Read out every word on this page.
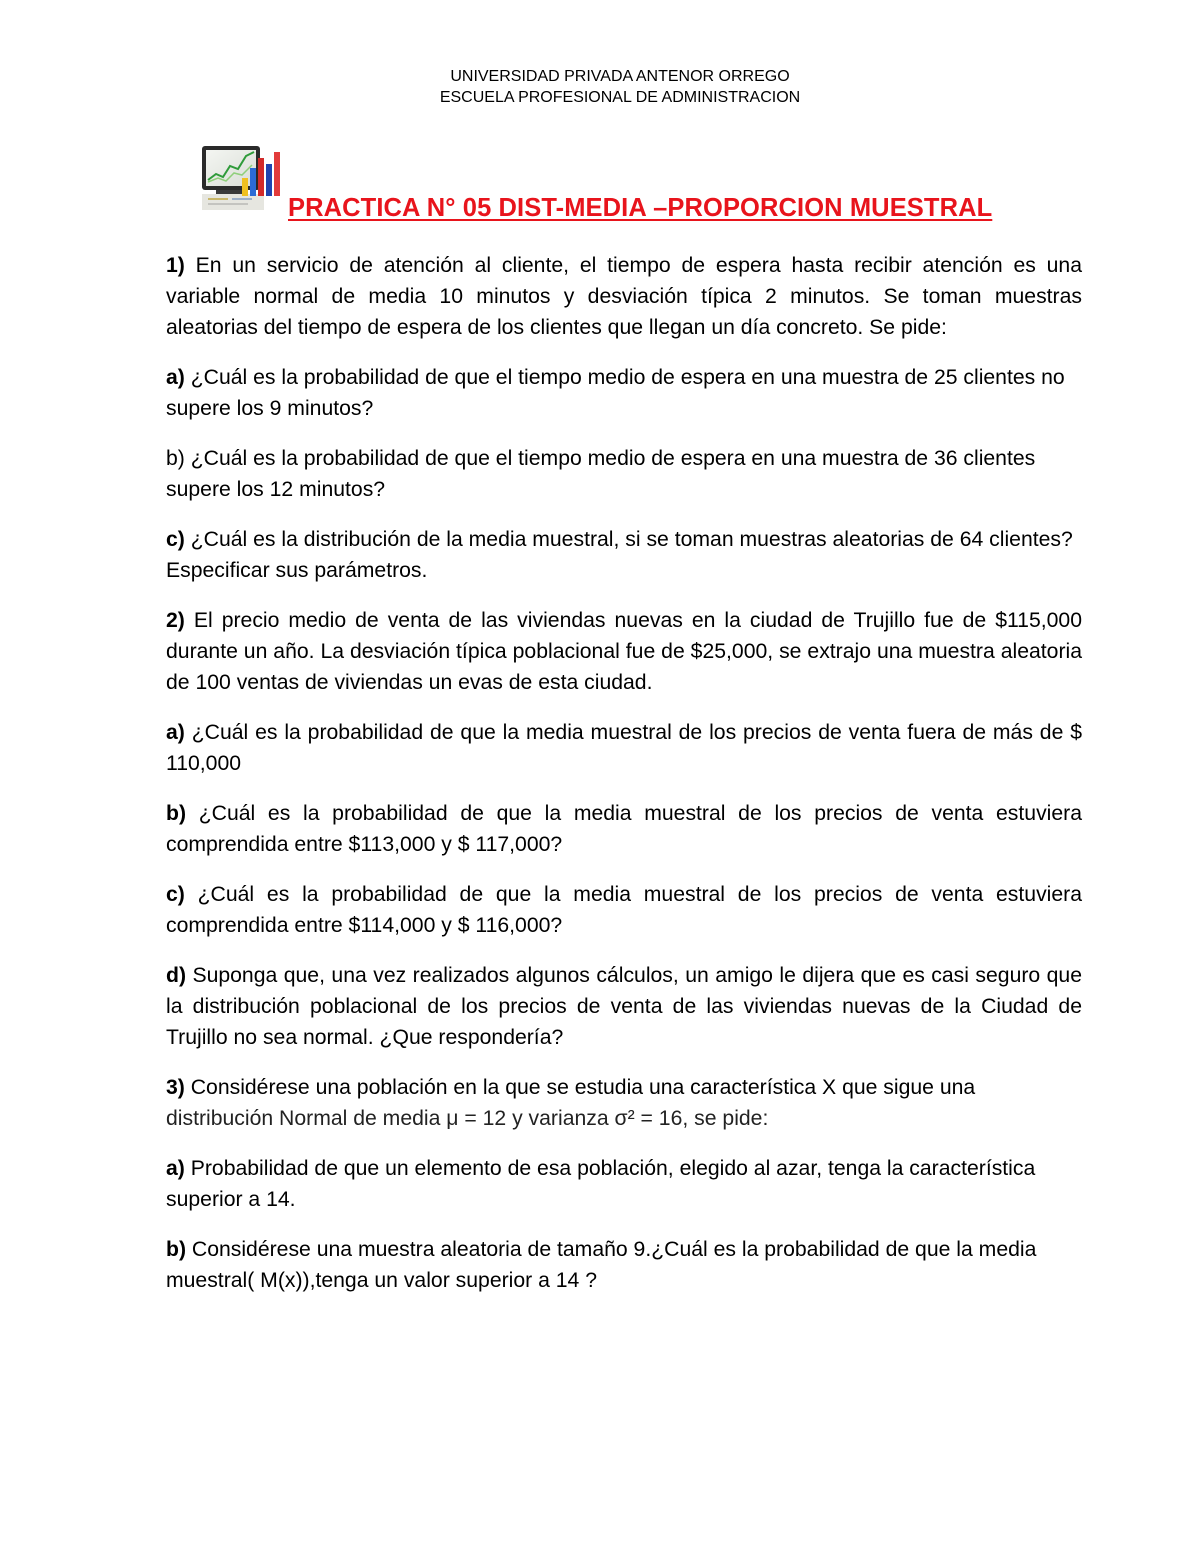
UNIVERSIDAD PRIVADA ANTENOR ORREGO
ESCUELA PROFESIONAL DE ADMINISTRACION
PRACTICA N° 05 DIST-MEDIA –PROPORCION MUESTRAL

1) En un servicio de atención al cliente, el tiempo de espera hasta recibir atención es una variable normal de media 10 minutos y desviación típica 2 minutos. Se toman muestras aleatorias del tiempo de espera de los clientes que llegan un día concreto. Se pide:

a) ¿Cuál es la probabilidad de que el tiempo medio de espera en una muestra de 25 clientes no supere los 9 minutos?

b) ¿Cuál es la probabilidad de que el tiempo medio de espera en una muestra de 36 clientes supere los 12 minutos?

c) ¿Cuál es la distribución de la media muestral, si se toman muestras aleatorias de 64 clientes? Especificar sus parámetros.

2) El precio medio de venta de las viviendas nuevas en la ciudad de Trujillo fue de $115,000 durante un año. La desviación típica poblacional fue de $25,000, se extrajo una muestra aleatoria de 100 ventas de viviendas un evas de esta ciudad.

a) ¿Cuál es la probabilidad de que la media muestral de los precios de venta fuera de más de $ 110,000

b) ¿Cuál es la probabilidad de que la media muestral de los precios de venta estuviera comprendida entre $113,000 y $ 117,000?

c) ¿Cuál es la probabilidad de que la media muestral de los precios de venta estuviera comprendida entre $114,000 y $ 116,000?

d) Suponga que, una vez realizados algunos cálculos, un amigo le dijera que es casi seguro que la distribución poblacional de los precios de venta de las viviendas nuevas de la Ciudad de Trujillo no sea normal. ¿Que respondería?

3) Considérese una población en la que se estudia una característica X que sigue una
distribución Normal de media μ = 12 y varianza σ² = 16, se pide:

a) Probabilidad de que un elemento de esa población, elegido al azar, tenga la característica superior a 14.

b) Considérese una muestra aleatoria de tamaño 9.¿Cuál es la probabilidad de que la media muestral( M(x)),tenga un valor superior a 14 ?
